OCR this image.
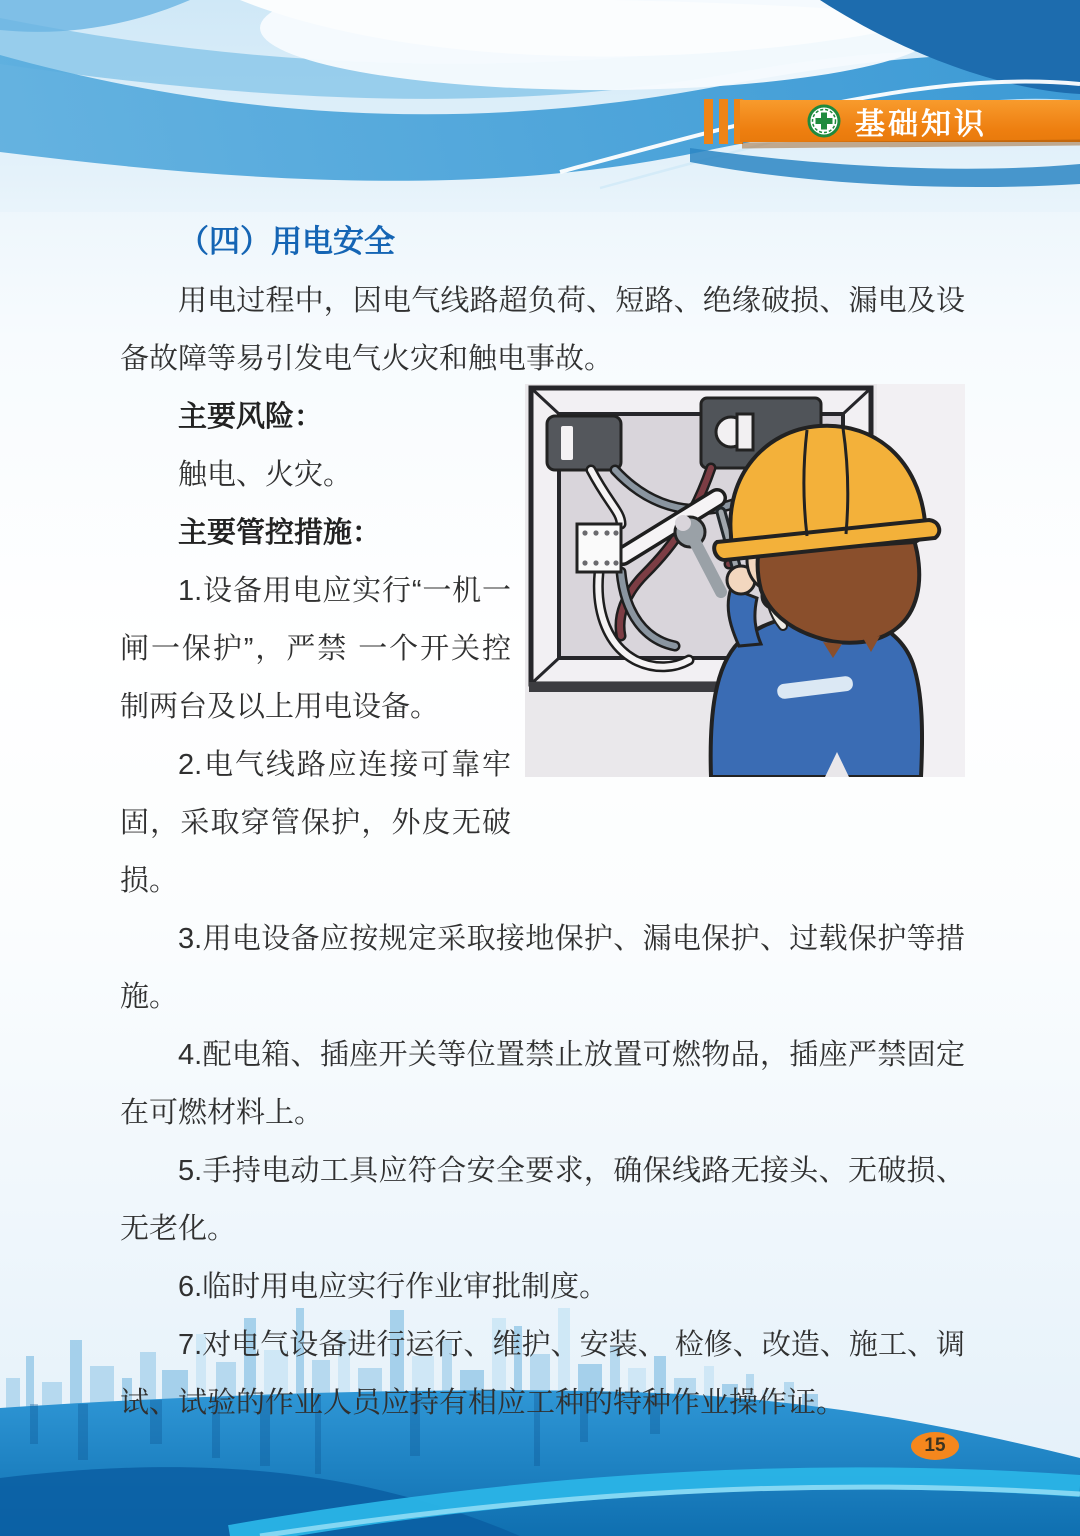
基础知识

（四）用电安全

用电过程中，因电气线路超负荷、短路、绝缘破损、漏电及设备故障等易引发电气火灾和触电事故。

主要风险：

触电、火灾。

主要管控措施：

1.设备用电应实行“一机一闸一保护”，严禁 一个开关控制两台及以上用电设备。

2.电气线路应连接可靠牢固，采取穿管保护，外皮无破损。

3.用电设备应按规定采取接地保护、漏电保护、过载保护等措施。

4.配电箱、插座开关等位置禁止放置可燃物品，插座严禁固定在可燃材料上。

5.手持电动工具应符合安全要求，确保线路无接头、无破损、无老化。

6.临时用电应实行作业审批制度。

7.对电气设备进行运行、维护、安装、 检修、改造、施工、调试、试验的作业人员应持有相应工种的特种作业操作证。

15
